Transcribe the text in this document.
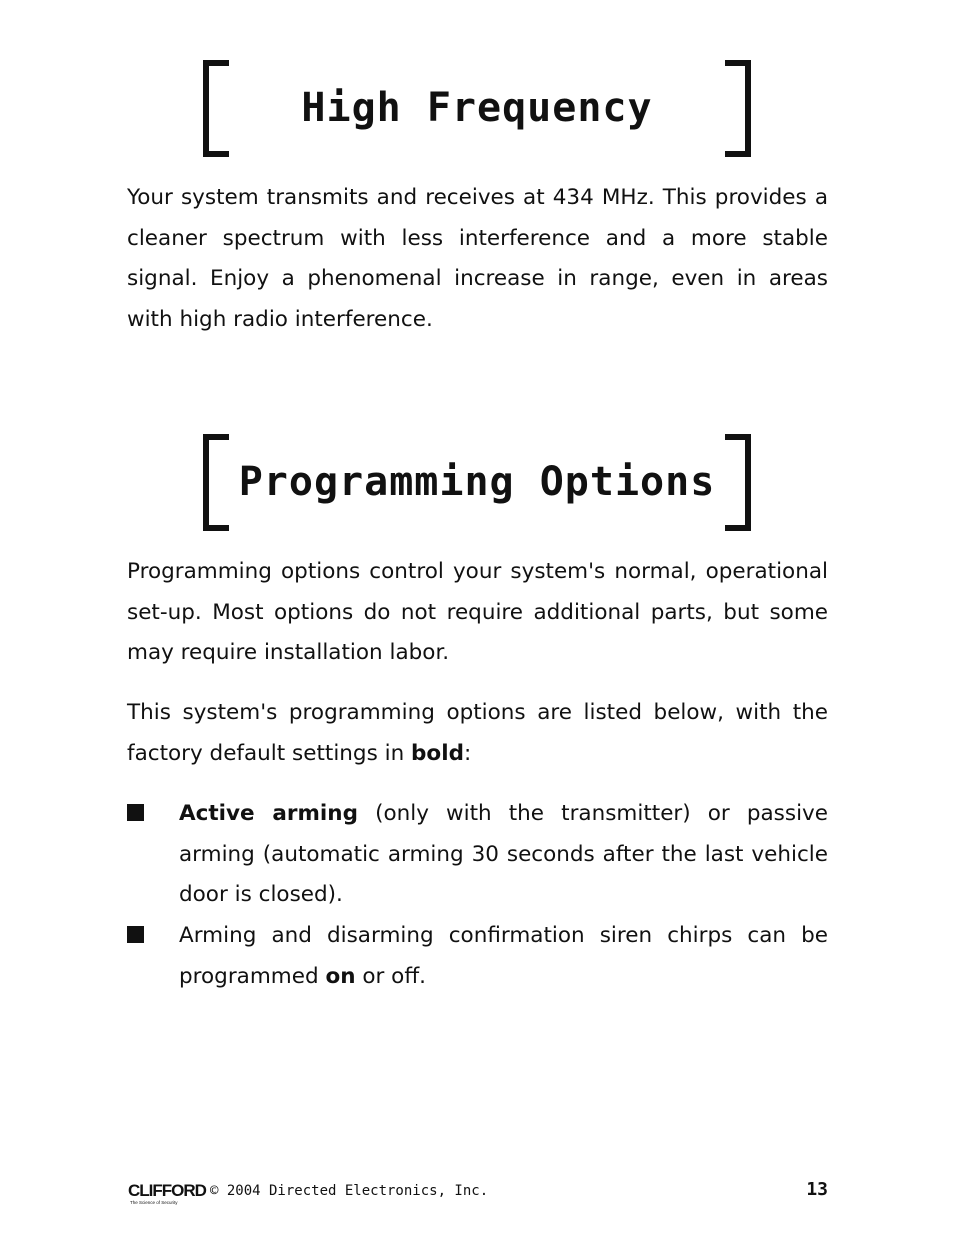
High Frequency

Your system transmits and receives at 434 MHz. This provides a cleaner spectrum with less interference and a more stable signal. Enjoy a phenomenal increase in range, even in areas with high radio interference.

Programming Options

Programming options control your system's normal, operational set-up. Most options do not require additional parts, but some may require installation labor.

This system's programming options are listed below, with the factory default settings in bold:

Active arming (only with the transmitter) or passive arming (automatic arming 30 seconds after the last vehicle door is closed).
Arming and disarming confirmation siren chirps can be programmed on or off.
CLIFFORD
The Science of Security
© 2004 Directed Electronics, Inc.	13
